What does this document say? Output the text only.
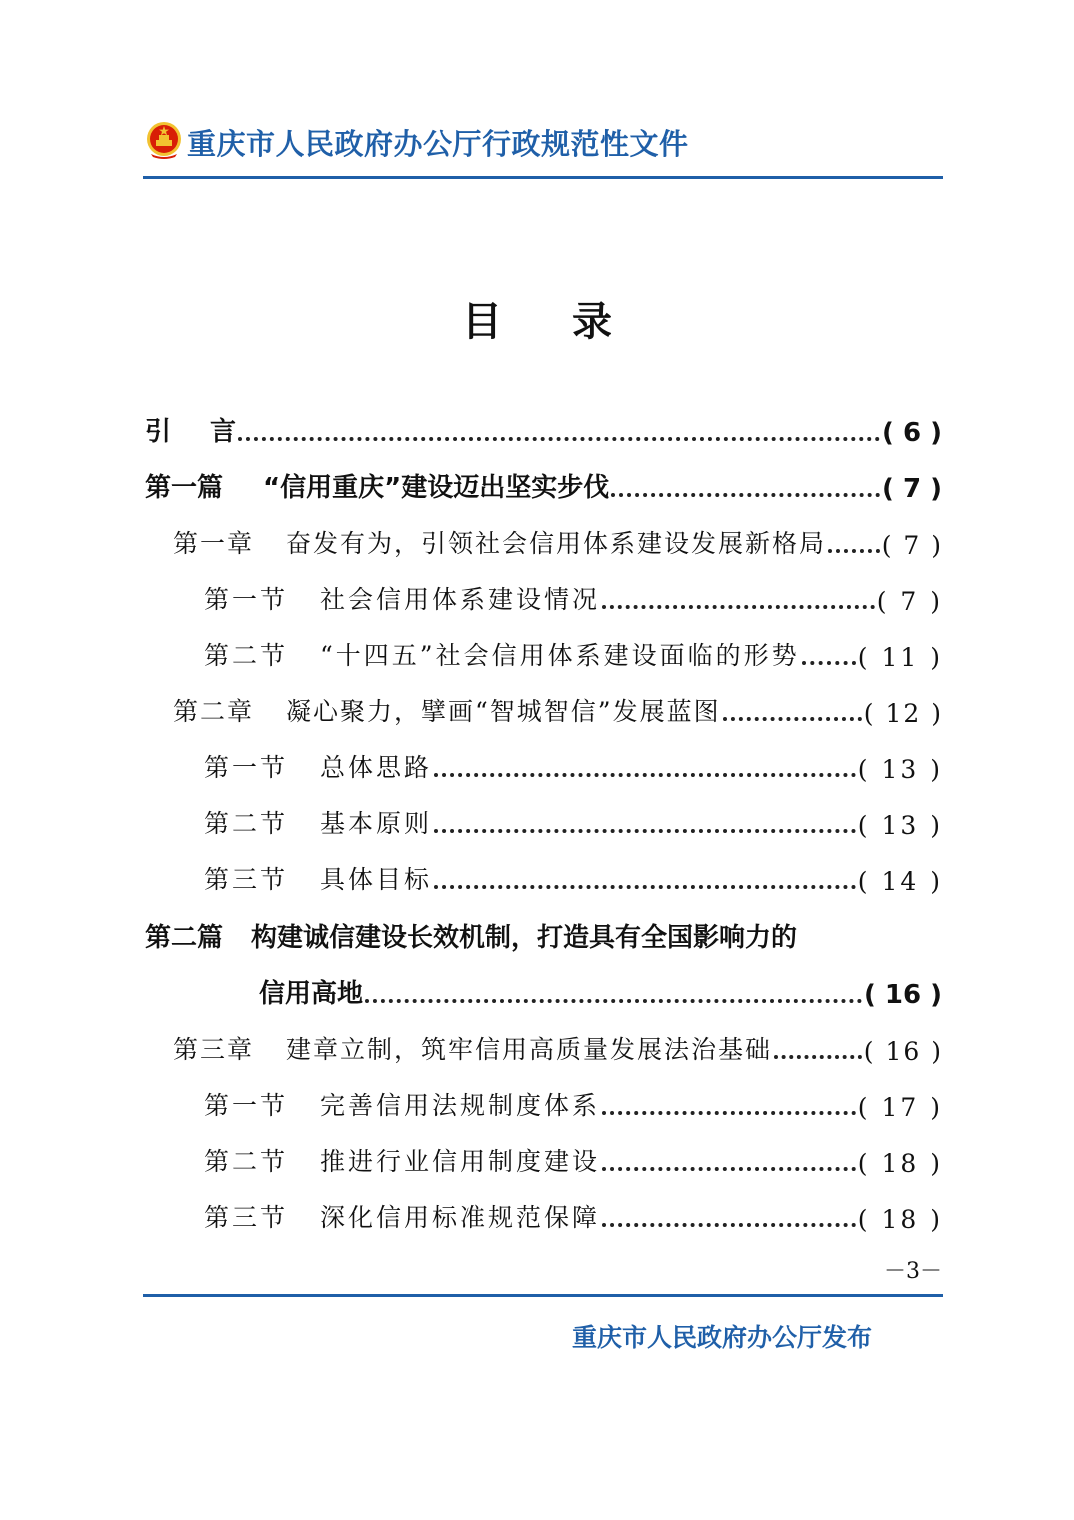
重庆市人民政府办公厅行政规范性文件
目录
引 言	( 6 )
第一篇 “信用重庆”建设迈出坚实步伐	( 7 )
第一章 奋发有为，引领社会信用体系建设发展新格局 ( 7 )
第一节 社会信用体系建设情况	( 7 )
第二节 “十四五”社会信用体系建设面临的形势 ( 11 )
第二章 凝心聚力，擘画“智城智信”发展蓝图	( 12 )
第一节 总体思路	( 13 )
第二节 基本原则	( 13 )
第三节 具体目标	( 14 )
第二篇 构建诚信建设长效机制，打造具有全国影响力的
信用高地	( 16 )
第三章 建章立制，筑牢信用高质量发展法治基础	( 16 )
第一节 完善信用法规制度体系	( 17 )
第二节 推进行业信用制度建设	( 18 )
第三节 深化信用标准规范保障	( 18 )
－3－
重庆市人民政府办公厅发布
